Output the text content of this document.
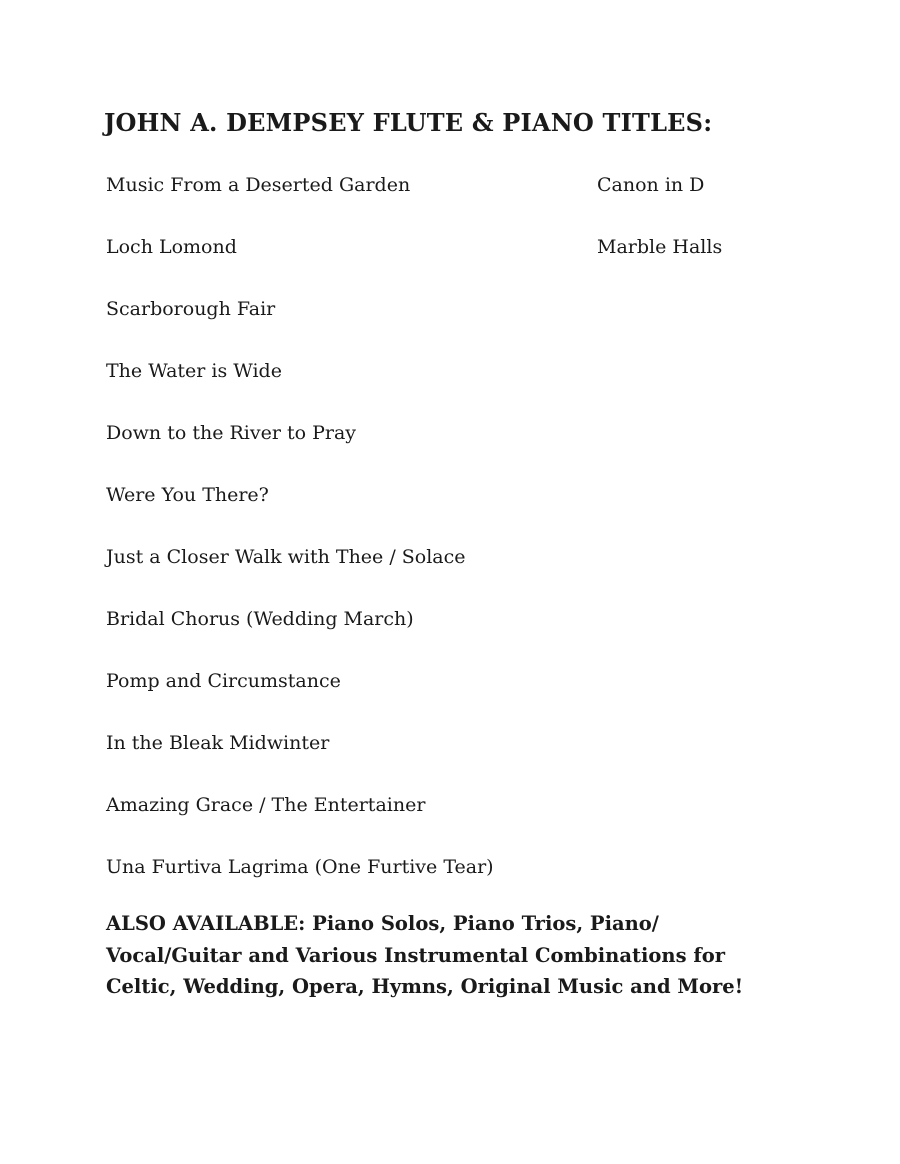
JOHN A. DEMPSEY FLUTE & PIANO TITLES:
Music From a Deserted Garden
Loch Lomond
Scarborough Fair
The Water is Wide
Down to the River to Pray
Were You There?
Just a Closer Walk with Thee / Solace
Bridal Chorus (Wedding March)
Pomp and Circumstance
In the Bleak Midwinter
Amazing Grace / The Entertainer
Una Furtiva Lagrima (One Furtive Tear)
Canon in D
Marble Halls

ALSO AVAILABLE: Piano Solos, Piano Trios, Piano/
Vocal/Guitar and Various Instrumental Combinations for
Celtic, Wedding, Opera, Hymns, Original Music and More!
